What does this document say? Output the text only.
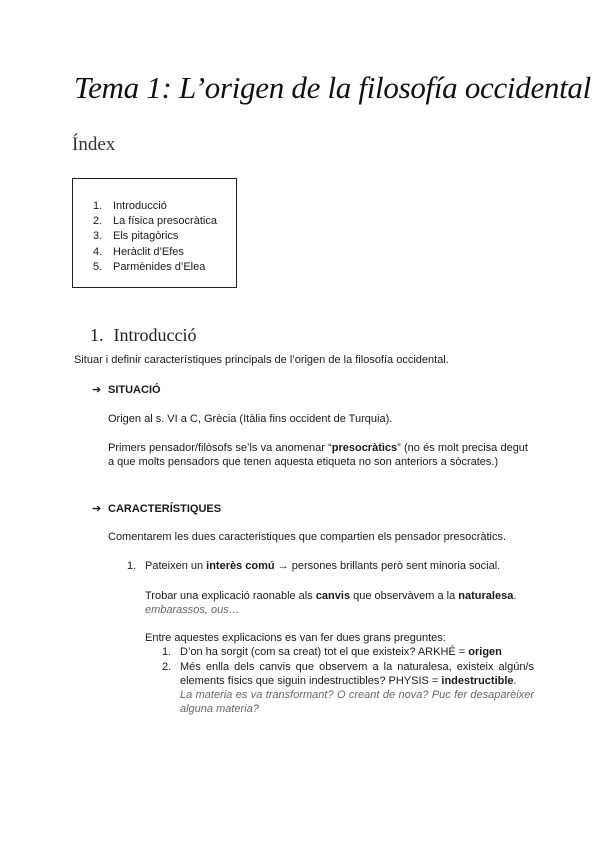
Tema 1: L’origen de la filosofía occidental
Índex
1. Introducció
2. La física presocràtica
3. Els pitagòrics
4. Heràclit d’Efes
5. Parmènides d’Elea
1. Introducció
Situar i definir característiques principals de l’origen de la filosofía occidental.
➔ SITUACIÓ
Origen al s. VI a C, Grècia (Itàlia fins occident de Turquia).
Primers pensador/filòsofs se’ls va anomenar “presocràtics” (no és molt precisa degut a que molts pensadors que tenen aquesta etiqueta no son anteriors a sòcrates.)
➔ CARACTERÍSTIQUES
Comentarem les dues caracteristiques que compartien els pensador presocràtics.
1. Pateixen un interès comú → persones brillants però sent minoria social.
Trobar una explicació raonable als canvis que observàvem a la naturalesa.
embarassos, ous…
Entre aquestes explicacions es van fer dues grans preguntes:
1. D’on ha sorgit (com sa creat) tot el que existeix? ARKHÉ = origen
2. Més enlla dels canvis que observem a la naturalesa, existeix algún/s elements físics que siguin indestructibles? PHYSIS = indestructible.
La materia es va transformant? O creant de nova? Puc fer desaparèixer alguna materia?
